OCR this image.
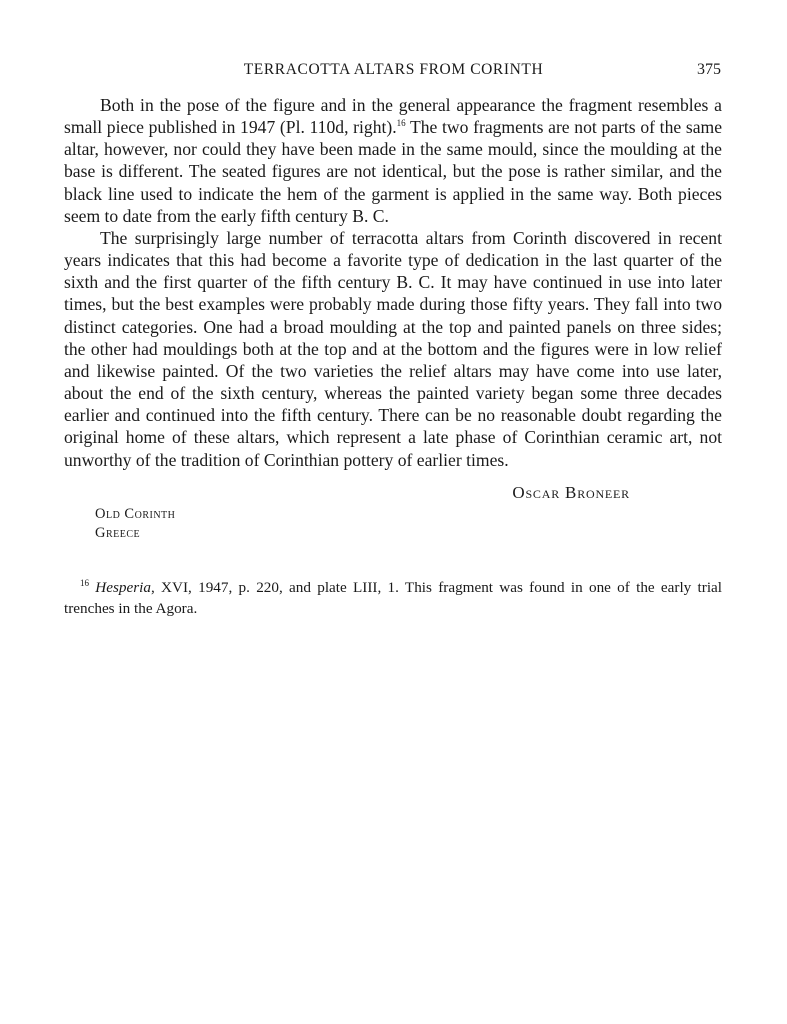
TERRACOTTA ALTARS FROM CORINTH	375

Both in the pose of the figure and in the general appearance the fragment resembles a small piece published in 1947 (Pl. 110d, right).$^{16}$ The two fragments are not parts of the same altar, however, nor could they have been made in the same mould, since the moulding at the base is different. The seated figures are not identical, but the pose is rather similar, and the black line used to indicate the hem of the garment is applied in the same way. Both pieces seem to date from the early fifth century B. C.

The surprisingly large number of terracotta altars from Corinth discovered in recent years indicates that this had become a favorite type of dedication in the last quarter of the sixth and the first quarter of the fifth century B. C. It may have continued in use into later times, but the best examples were probably made during those fifty years. They fall into two distinct categories. One had a broad moulding at the top and painted panels on three sides; the other had mouldings both at the top and at the bottom and the figures were in low relief and likewise painted. Of the two varieties the relief altars may have come into use later, about the end of the sixth century, whereas the painted variety began some three decades earlier and continued into the fifth century. There can be no reasonable doubt regarding the original home of these altars, which represent a late phase of Corinthian ceramic art, not unworthy of the tradition of Corinthian pottery of earlier times.

Oscar Broneer
Old Corinth
Greece
$^{16}$ Hesperia, XVI, 1947, p. 220, and plate LIII, 1. This fragment was found in one of the early trial trenches in the Agora.
